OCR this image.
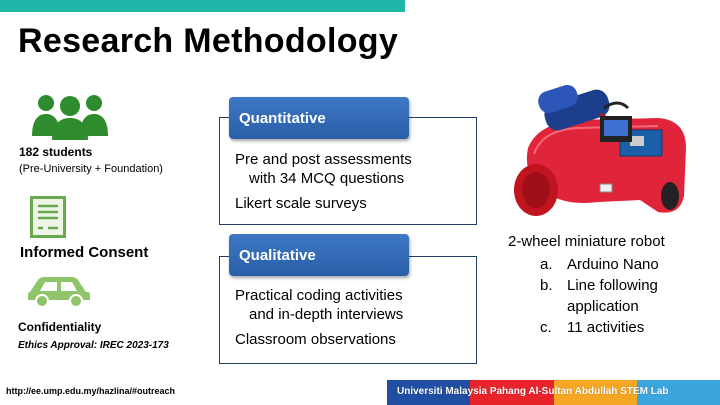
Research Methodology
182 students
(Pre-University + Foundation)
Informed Consent
Confidentiality
Ethics Approval: IREC 2023-173
Quantitative
Pre and post assessments
with 34 MCQ questions
Likert scale surveys
Qualitative
Practical coding activities
and in-depth interviews
Classroom observations
2-wheel miniature robot
a. Arduino Nano
b. Line following
application
c.	11 activities
http://ee.ump.edu.my/hazlina/#outreach	Universiti Malaysia Pahang Al-Sultan Abdullah STEM Lab
